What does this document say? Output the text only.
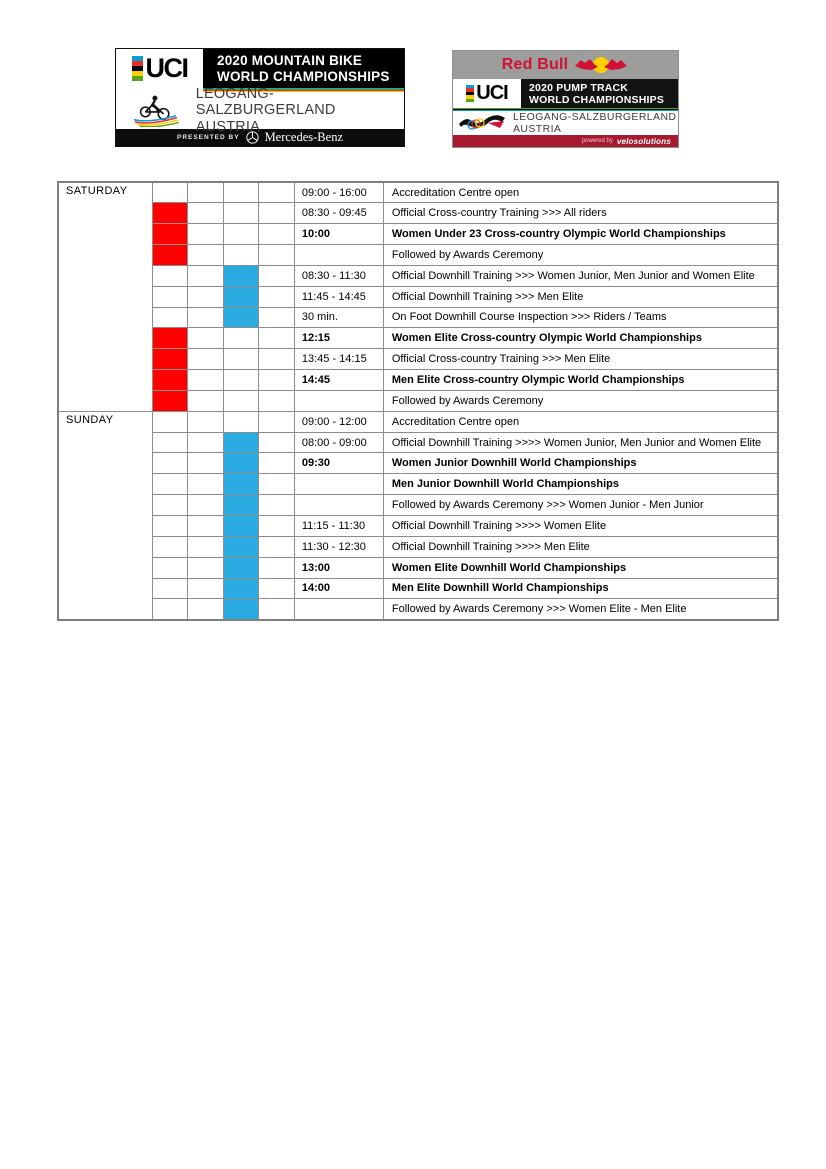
UCI 2020 MOUNTAIN BIKE
WORLD CHAMPIONSHIPS
LEOGANG-SALZBURGERLAND
AUSTRIA
PRESENTED BY Mercedes-Benz
Red Bull
UCI 2020 PUMP TRACK
WORLD CHAMPIONSHIPS
LEOGANG-SALZBURGERLAND
AUSTRIA
powered by velosolutions
SATURDAY					09:00 - 16:00	Accreditation Centre open
					08:30 - 09:45	Official Cross-country Training >>> All riders
					10:00	Women Under 23 Cross-country Olympic World Championships
						Followed by Awards Ceremony
					08:30 - 11:30	Official Downhill Training >>> Women Junior, Men Junior and Women Elite
					11:45 - 14:45	Official Downhill Training >>> Men Elite
					30 min.	On Foot Downhill Course Inspection >>> Riders / Teams
					12:15	Women Elite Cross-country Olympic World Championships
					13:45 - 14:15	Official Cross-country Training >>> Men Elite
					14:45	Men Elite Cross-country Olympic World Championships
						Followed by Awards Ceremony
SUNDAY					09:00 - 12:00	Accreditation Centre open
					08:00 - 09:00	Official Downhill Training >>>> Women Junior, Men Junior and Women Elite
					09:30	Women Junior Downhill World Championships
						Men Junior Downhill World Championships
						Followed by Awards Ceremony >>> Women Junior - Men Junior
					11:15 - 11:30	Official Downhill Training >>>> Women Elite
					11:30 - 12:30	Official Downhill Training >>>> Men Elite
					13:00	Women Elite Downhill World Championships
					14:00	Men Elite Downhill World Championships
						Followed by Awards Ceremony >>> Women Elite - Men Elite
